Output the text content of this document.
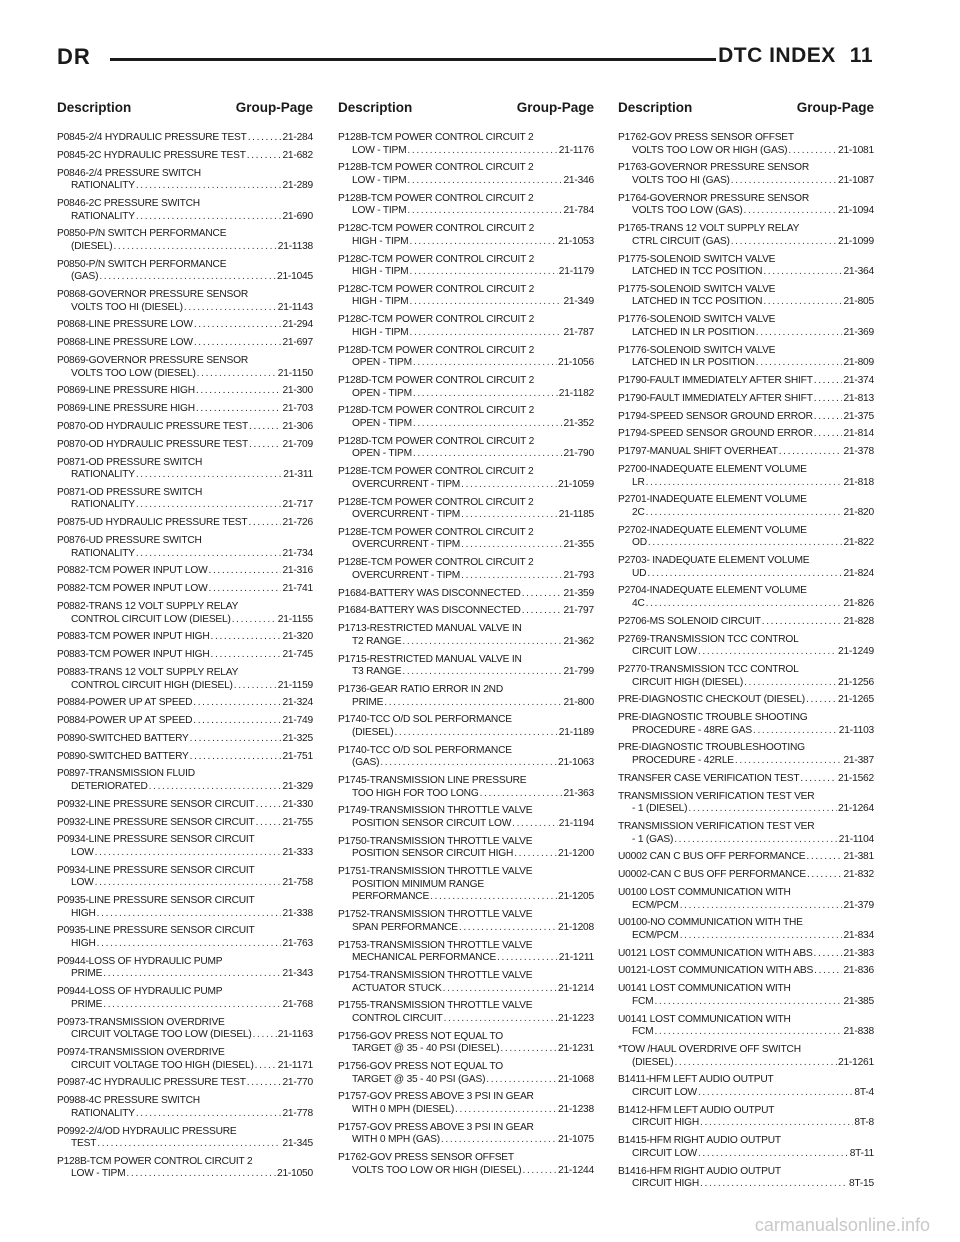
DR	DTC INDEX 11
Description	Group-Page
P0845-2/4 HYDRAULIC PRESSURE TEST . . .	21-284
P0845-2C HYDRAULIC PRESSURE TEST . . .	21-682
P0846-2/4 PRESSURE SWITCH
RATIONALITY . . .	21-289
P0846-2C PRESSURE SWITCH
RATIONALITY . . .	21-690
P0850-P/N SWITCH PERFORMANCE
(DIESEL) . . .	21-1138
P0850-P/N SWITCH PERFORMANCE
(GAS) . . .	21-1045
P0868-GOVERNOR PRESSURE SENSOR
VOLTS TOO HI (DIESEL) . . .	21-1143
P0868-LINE PRESSURE LOW . . .	21-294
P0868-LINE PRESSURE LOW . . .	21-697
P0869-GOVERNOR PRESSURE SENSOR
VOLTS TOO LOW (DIESEL) . . .	21-1150
P0869-LINE PRESSURE HIGH . . .	21-300
P0869-LINE PRESSURE HIGH . . .	21-703
P0870-OD HYDRAULIC PRESSURE TEST . . .	21-306
P0870-OD HYDRAULIC PRESSURE TEST . . .	21-709
P0871-OD PRESSURE SWITCH
RATIONALITY . . .	21-311
P0871-OD PRESSURE SWITCH
RATIONALITY . . .	21-717
P0875-UD HYDRAULIC PRESSURE TEST . . .	21-726
P0876-UD PRESSURE SWITCH
RATIONALITY . . .	21-734
P0882-TCM POWER INPUT LOW . . .	21-316
P0882-TCM POWER INPUT LOW . . .	21-741
P0882-TRANS 12 VOLT SUPPLY RELAY
CONTROL CIRCUIT LOW (DIESEL) . . .	21-1155
P0883-TCM POWER INPUT HIGH . . .	21-320
P0883-TCM POWER INPUT HIGH . . .	21-745
P0883-TRANS 12 VOLT SUPPLY RELAY
CONTROL CIRCUIT HIGH (DIESEL) . . .	21-1159
P0884-POWER UP AT SPEED . . .	21-324
P0884-POWER UP AT SPEED . . .	21-749
P0890-SWITCHED BATTERY . . .	21-325
P0890-SWITCHED BATTERY . . .	21-751
P0897-TRANSMISSION FLUID
DETERIORATED . . .	21-329
P0932-LINE PRESSURE SENSOR CIRCUIT . . .	21-330
P0932-LINE PRESSURE SENSOR CIRCUIT . . .	21-755
P0934-LINE PRESSURE SENSOR CIRCUIT
LOW . . .	21-333
P0934-LINE PRESSURE SENSOR CIRCUIT
LOW . . .	21-758
P0935-LINE PRESSURE SENSOR CIRCUIT
HIGH . . .	21-338
P0935-LINE PRESSURE SENSOR CIRCUIT
HIGH . . .	21-763
P0944-LOSS OF HYDRAULIC PUMP
PRIME . . .	21-343
P0944-LOSS OF HYDRAULIC PUMP
PRIME . . .	21-768
P0973-TRANSMISSION OVERDRIVE
CIRCUIT VOLTAGE TOO LOW (DIESEL) . . .	21-1163
P0974-TRANSMISSION OVERDRIVE
CIRCUIT VOLTAGE TOO HIGH (DIESEL) . . . 21-1171
P0987-4C HYDRAULIC PRESSURE TEST . . .	21-770
P0988-4C PRESSURE SWITCH
RATIONALITY . . .	21-778
P0992-2/4/OD HYDRAULIC PRESSURE
TEST . . .	21-345
P128B-TCM POWER CONTROL CIRCUIT 2
LOW - TIPM . . .	21-1050
Description	Group-Page
P128B-TCM POWER CONTROL CIRCUIT 2
LOW - TIPM . . .	21-1176
P128B-TCM POWER CONTROL CIRCUIT 2
LOW - TIPM . . .	21-346
P128B-TCM POWER CONTROL CIRCUIT 2
LOW - TIPM . . .	21-784
P128C-TCM POWER CONTROL CIRCUIT 2
HIGH - TIPM . . .	21-1053
P128C-TCM POWER CONTROL CIRCUIT 2
HIGH - TIPM . . .	21-1179
P128C-TCM POWER CONTROL CIRCUIT 2
HIGH - TIPM . . .	21-349
P128C-TCM POWER CONTROL CIRCUIT 2
HIGH - TIPM . . .	21-787
P128D-TCM POWER CONTROL CIRCUIT 2
OPEN - TIPM . . .	21-1056
P128D-TCM POWER CONTROL CIRCUIT 2
OPEN - TIPM . . .	21-1182
P128D-TCM POWER CONTROL CIRCUIT 2
OPEN - TIPM . . .	21-352
P128D-TCM POWER CONTROL CIRCUIT 2
OPEN - TIPM . . .	21-790
P128E-TCM POWER CONTROL CIRCUIT 2
OVERCURRENT - TIPM . . .	21-1059
P128E-TCM POWER CONTROL CIRCUIT 2
OVERCURRENT - TIPM . . .	21-1185
P128E-TCM POWER CONTROL CIRCUIT 2
OVERCURRENT - TIPM . . .	21-355
P128E-TCM POWER CONTROL CIRCUIT 2
OVERCURRENT - TIPM . . .	21-793
P1684-BATTERY WAS DISCONNECTED . . .	21-359
P1684-BATTERY WAS DISCONNECTED . . .	21-797
P1713-RESTRICTED MANUAL VALVE IN
T2 RANGE . . .	21-362
P1715-RESTRICTED MANUAL VALVE IN
T3 RANGE . . .	21-799
P1736-GEAR RATIO ERROR IN 2ND
PRIME . . .	21-800
P1740-TCC O/D SOL PERFORMANCE
(DIESEL) . . .	21-1189
P1740-TCC O/D SOL PERFORMANCE
(GAS) . . .	21-1063
P1745-TRANSMISSION LINE PRESSURE
TOO HIGH FOR TOO LONG . . .	21-363
P1749-TRANSMISSION THROTTLE VALVE
POSITION SENSOR CIRCUIT LOW . . .	21-1194
P1750-TRANSMISSION THROTTLE VALVE
POSITION SENSOR CIRCUIT HIGH . . .	21-1200
P1751-TRANSMISSION THROTTLE VALVE
POSITION MINIMUM RANGE
PERFORMANCE . . .	21-1205
P1752-TRANSMISSION THROTTLE VALVE
SPAN PERFORMANCE . . .	21-1208
P1753-TRANSMISSION THROTTLE VALVE
MECHANICAL PERFORMANCE . . .	21-1211
P1754-TRANSMISSION THROTTLE VALVE
ACTUATOR STUCK . . .	21-1214
P1755-TRANSMISSION THROTTLE VALVE
CONTROL CIRCUIT . . .	21-1223
P1756-GOV PRESS NOT EQUAL TO
TARGET @ 35 - 40 PSI (DIESEL) . . .	21-1231
P1756-GOV PRESS NOT EQUAL TO
TARGET @ 35 - 40 PSI (GAS) . . .	21-1068
P1757-GOV PRESS ABOVE 3 PSI IN GEAR
WITH 0 MPH (DIESEL) . . .	21-1238
P1757-GOV PRESS ABOVE 3 PSI IN GEAR
WITH 0 MPH (GAS) . . .	21-1075
P1762-GOV PRESS SENSOR OFFSET
VOLTS TOO LOW OR HIGH (DIESEL) . . .	21-1244
Description	Group-Page
P1762-GOV PRESS SENSOR OFFSET
VOLTS TOO LOW OR HIGH (GAS) . . .	21-1081
P1763-GOVERNOR PRESSURE SENSOR
VOLTS TOO HI (GAS) . . .	21-1087
P1764-GOVERNOR PRESSURE SENSOR
VOLTS TOO LOW (GAS) . . .	21-1094
P1765-TRANS 12 VOLT SUPPLY RELAY
CTRL CIRCUIT (GAS) . . .	21-1099
P1775-SOLENOID SWITCH VALVE
LATCHED IN TCC POSITION . . .	21-364
P1775-SOLENOID SWITCH VALVE
LATCHED IN TCC POSITION . . .	21-805
P1776-SOLENOID SWITCH VALVE
LATCHED IN LR POSITION . . .	21-369
P1776-SOLENOID SWITCH VALVE
LATCHED IN LR POSITION . . .	21-809
P1790-FAULT IMMEDIATELY AFTER SHIFT . . .	21-374
P1790-FAULT IMMEDIATELY AFTER SHIFT . . .	21-813
P1794-SPEED SENSOR GROUND ERROR . . .	21-375
P1794-SPEED SENSOR GROUND ERROR . . .	21-814
P1797-MANUAL SHIFT OVERHEAT . . .	21-378
P2700-INADEQUATE ELEMENT VOLUME
LR . . .	21-818
P2701-INADEQUATE ELEMENT VOLUME
2C . . .	21-820
P2702-INADEQUATE ELEMENT VOLUME
OD . . .	21-822
P2703- INADEQUATE ELEMENT VOLUME
UD . . .	21-824
P2704-INADEQUATE ELEMENT VOLUME
4C . . .	21-826
P2706-MS SOLENOID CIRCUIT . . .	21-828
P2769-TRANSMISSION TCC CONTROL
CIRCUIT LOW . . .	21-1249
P2770-TRANSMISSION TCC CONTROL
CIRCUIT HIGH (DIESEL) . . .	21-1256
PRE-DIAGNOSTIC CHECKOUT (DIESEL) . . .	21-1265
PRE-DIAGNOSTIC TROUBLE SHOOTING
PROCEDURE - 48RE GAS . . .	21-1103
PRE-DIAGNOSTIC TROUBLESHOOTING
PROCEDURE - 42RLE . . .	21-387
TRANSFER CASE VERIFICATION TEST . . .	21-1562
TRANSMISSION VERIFICATION TEST VER
- 1 (DIESEL) . . .	21-1264
TRANSMISSION VERIFICATION TEST VER
- 1 (GAS) . . .	21-1104
U0002 CAN C BUS OFF PERFORMANCE . . .	21-381
U0002-CAN C BUS OFF PERFORMANCE . . .	21-832
U0100 LOST COMMUNICATION WITH
ECM/PCM . . .	21-379
U0100-NO COMMUNICATION WITH THE
ECM/PCM . . .	21-834
U0121 LOST COMMUNICATION WITH ABS . . .	21-383
U0121-LOST COMMUNICATION WITH ABS . . .	21-836
U0141 LOST COMMUNICATION WITH
FCM . . .	21-385
U0141 LOST COMMUNICATION WITH
FCM . . .	21-838
*TOW /HAUL OVERDRIVE OFF SWITCH
(DIESEL) . . .	21-1261
B1411-HFM LEFT AUDIO OUTPUT
CIRCUIT LOW . . .	8T-4
B1412-HFM LEFT AUDIO OUTPUT
CIRCUIT HIGH . . .	8T-8
B1415-HFM RIGHT AUDIO OUTPUT
CIRCUIT LOW . . .	8T-11
B1416-HFM RIGHT AUDIO OUTPUT
CIRCUIT HIGH . . .	8T-15
carmanualsonline.info
